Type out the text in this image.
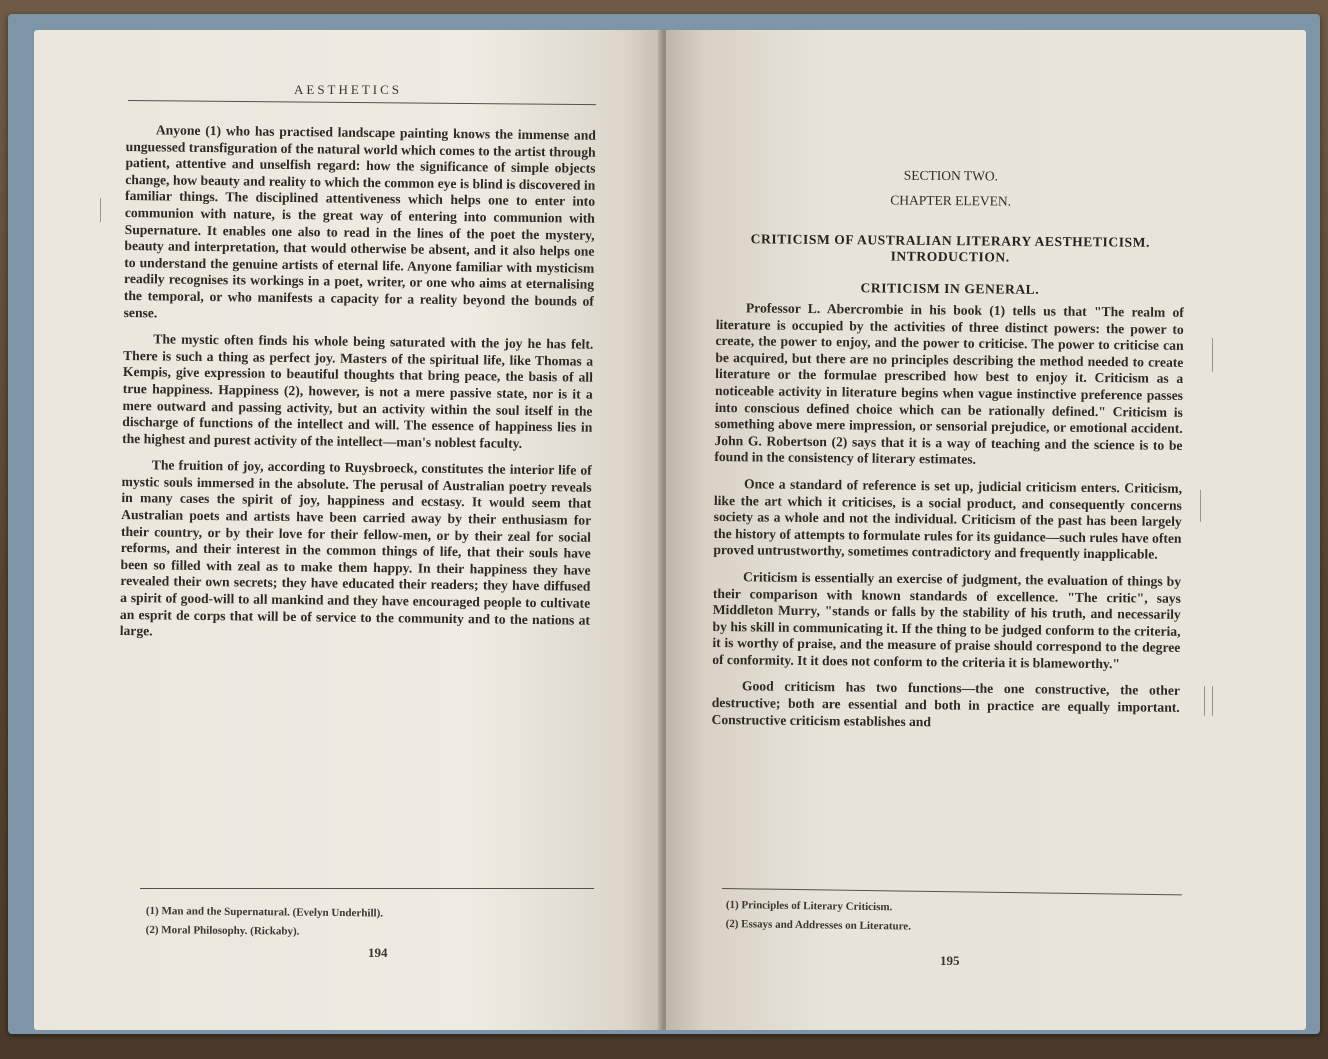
AESTHETICS

Anyone (1) who has practised landscape painting knows the immense and unguessed transfiguration of the natural world which comes to the artist through patient, attentive and unselfish regard: how the significance of simple objects change, how beauty and reality to which the common eye is blind is discovered in familiar things. The disciplined attentiveness which helps one to enter into communion with nature, is the great way of entering into communion with Supernature. It enables one also to read in the lines of the poet the mystery, beauty and interpretation, that would otherwise be absent, and it also helps one to understand the genuine artists of eternal life. Anyone familiar with mysticism readily recognises its workings in a poet, writer, or one who aims at eternalising the temporal, or who manifests a capacity for a reality beyond the bounds of sense.

The mystic often finds his whole being saturated with the joy he has felt. There is such a thing as perfect joy. Masters of the spiritual life, like Thomas a Kempis, give expression to beautiful thoughts that bring peace, the basis of all true happiness. Happiness (2), however, is not a mere passive state, nor is it a mere outward and passing activity, but an activity within the soul itself in the discharge of functions of the intellect and will. The essence of happiness lies in the highest and purest activity of the intellect—man's noblest faculty.

The fruition of joy, according to Ruysbroeck, constitutes the interior life of mystic souls immersed in the absolute. The perusal of Australian poetry reveals in many cases the spirit of joy, happiness and ecstasy. It would seem that Australian poets and artists have been carried away by their enthusiasm for their country, or by their love for their fellow-men, or by their zeal for social reforms, and their interest in the common things of life, that their souls have been so filled with zeal as to make them happy. In their happiness they have revealed their own secrets; they have educated their readers; they have diffused a spirit of good-will to all mankind and they have encouraged people to cultivate an esprit de corps that will be of service to the community and to the nations at large.

(1) Man and the Supernatural. (Evelyn Underhill).
(2) Moral Philosophy. (Rickaby).
194
SECTION TWO.
CHAPTER ELEVEN.
CRITICISM OF AUSTRALIAN LITERARY AESTHETICISM.
INTRODUCTION.
CRITICISM IN GENERAL.

Professor L. Abercrombie in his book (1) tells us that "The realm of literature is occupied by the activities of three distinct powers: the power to create, the power to enjoy, and the power to criticise. The power to criticise can be acquired, but there are no principles describing the method needed to create literature or the formulae prescribed how best to enjoy it. Criticism as a noticeable activity in literature begins when vague instinctive preference passes into conscious defined choice which can be rationally defined." Criticism is something above mere impression, or sensorial prejudice, or emotional accident. John G. Robertson (2) says that it is a way of teaching and the science is to be found in the consistency of literary estimates.

Once a standard of reference is set up, judicial criticism enters. Criticism, like the art which it criticises, is a social product, and consequently concerns society as a whole and not the individual. Criticism of the past has been largely the history of attempts to formulate rules for its guidance—such rules have often proved untrustworthy, sometimes contradictory and frequently inapplicable.

Criticism is essentially an exercise of judgment, the evaluation of things by their comparison with known standards of excellence. "The critic", says Middleton Murry, "stands or falls by the stability of his truth, and necessarily by his skill in communicating it. If the thing to be judged conform to the criteria, it is worthy of praise, and the measure of praise should correspond to the degree of conformity. It it does not conform to the criteria it is blameworthy."

Good criticism has two functions—the one constructive, the other destructive; both are essential and both in practice are equally important. Constructive criticism establishes and

(1) Principles of Literary Criticism.
(2) Essays and Addresses on Literature.
195
